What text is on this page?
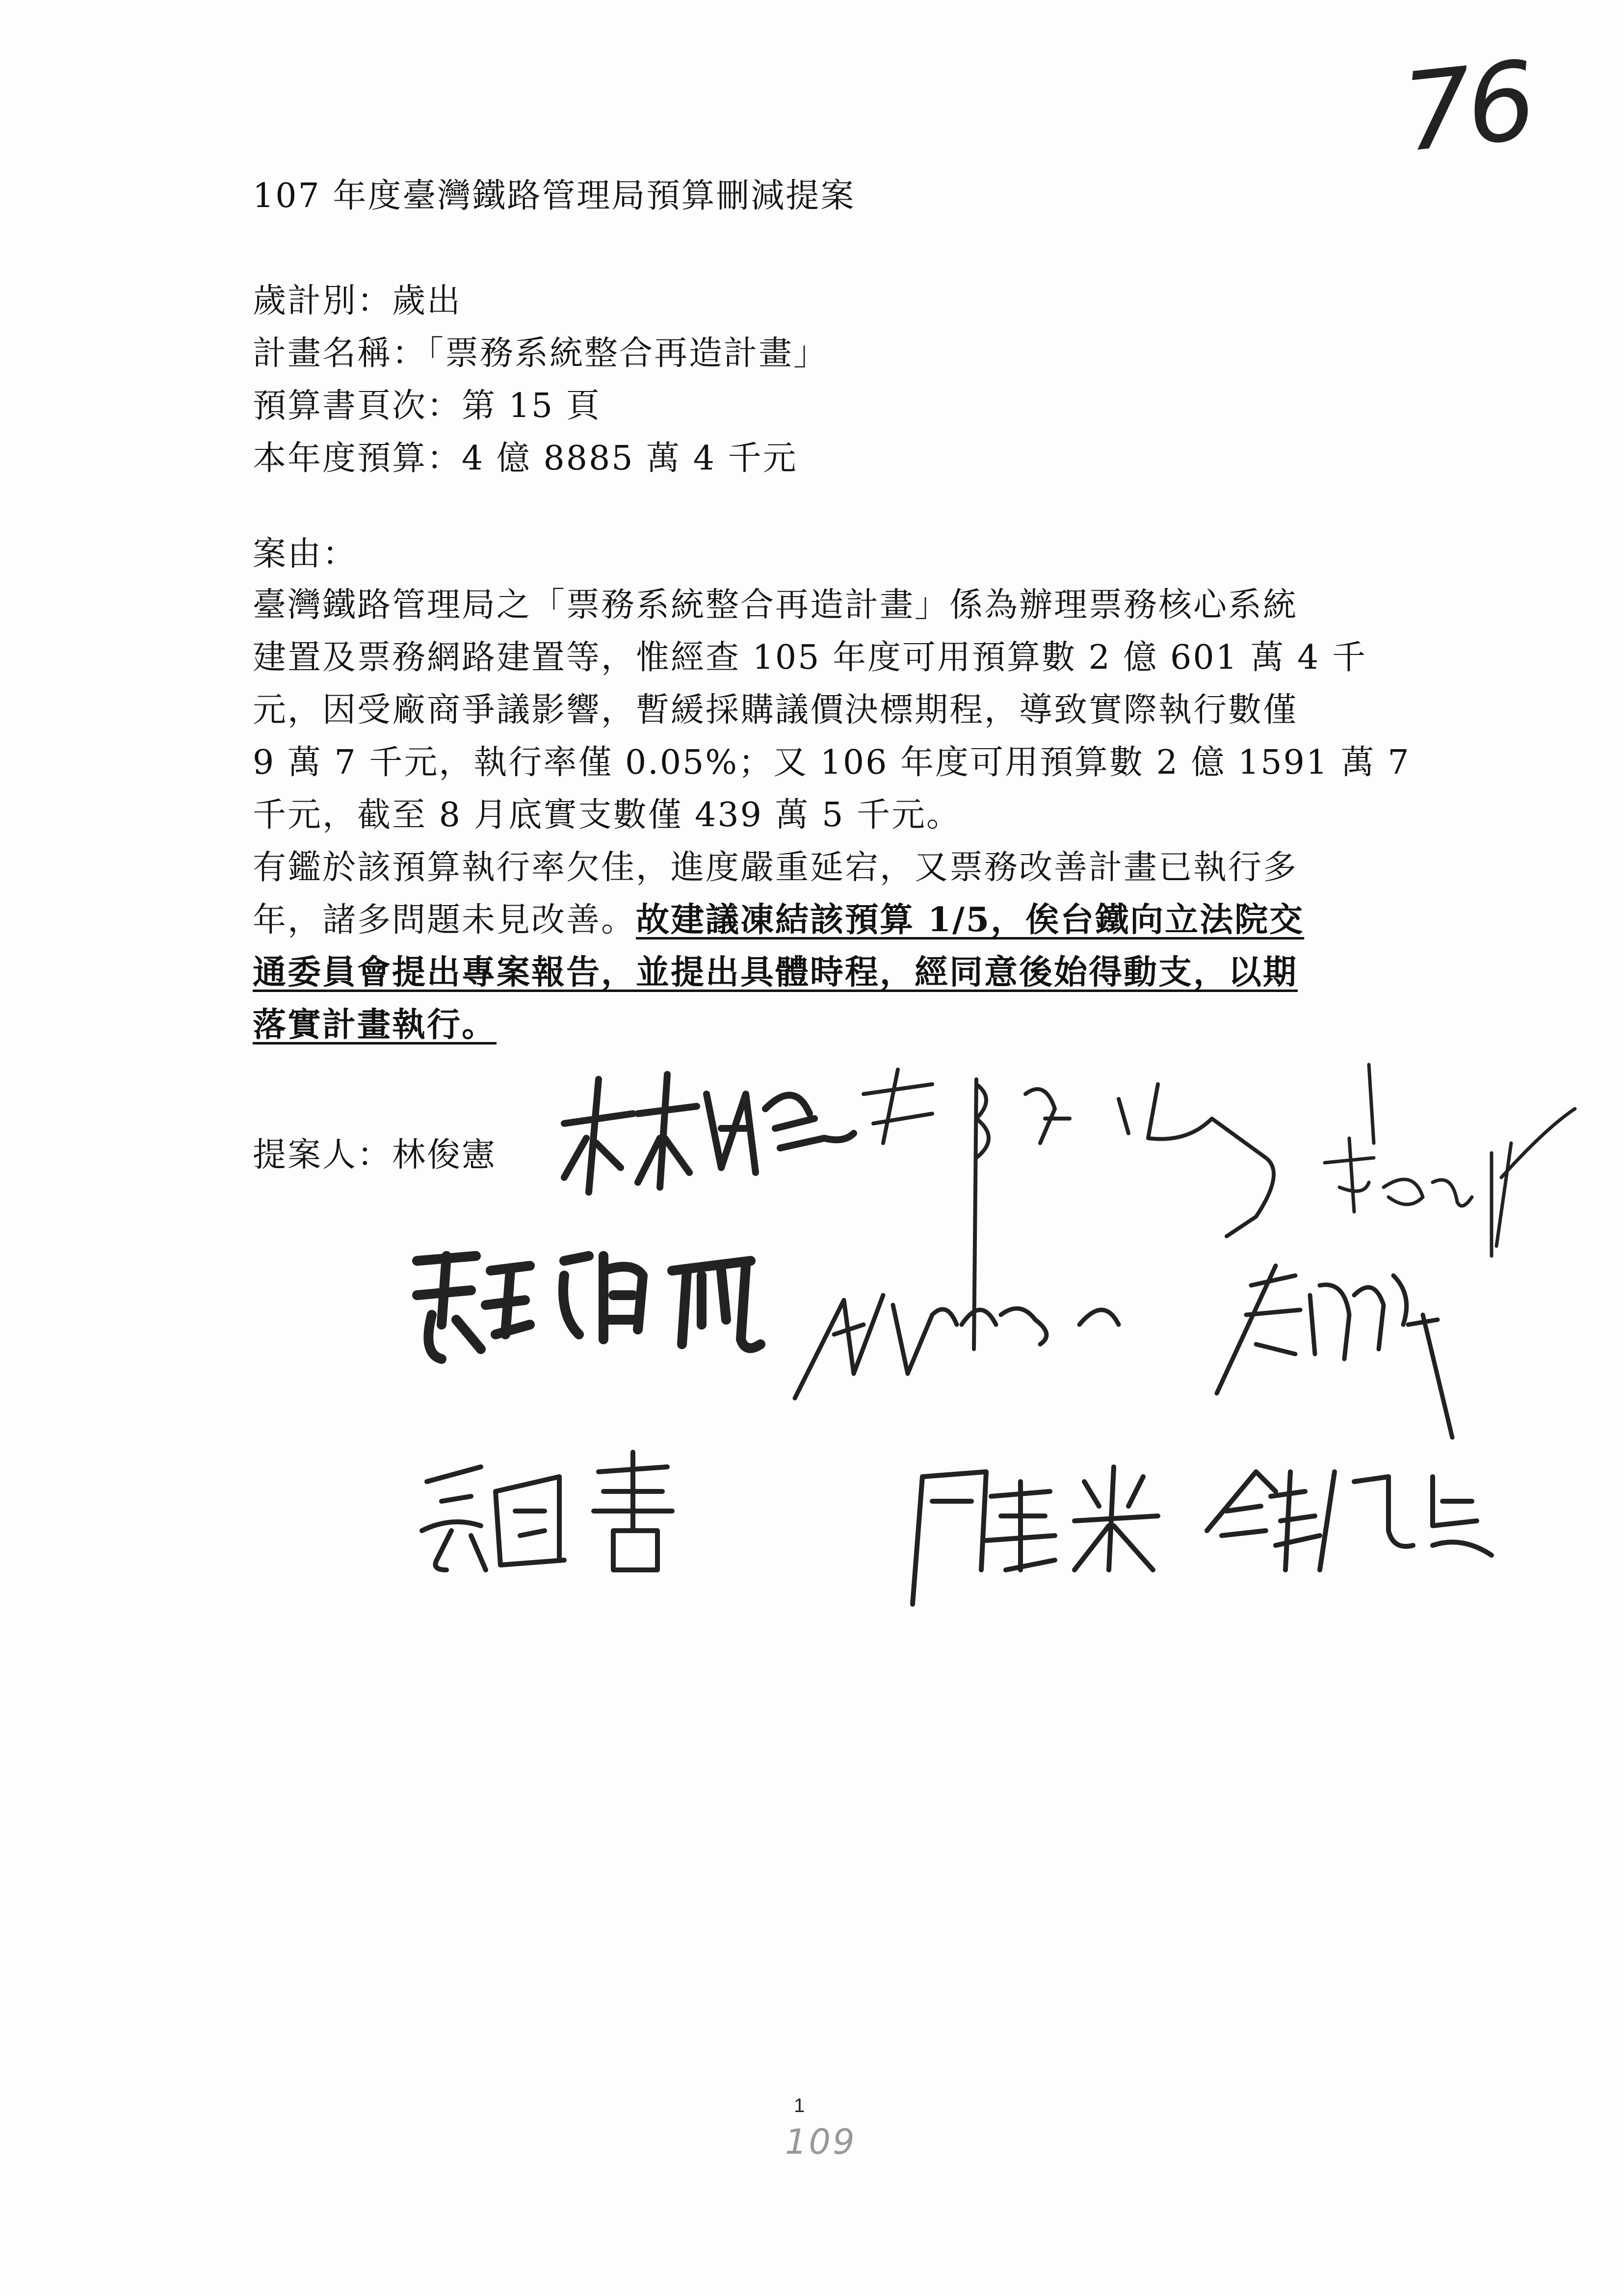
76
107 年度臺灣鐵路管理局預算刪減提案
歲計別：歲出
計畫名稱：「票務系統整合再造計畫」
預算書頁次：第 15 頁
本年度預算：4 億 8885 萬 4 千元
案由：
臺灣鐵路管理局之「票務系統整合再造計畫」係為辦理票務核心系統
建置及票務網路建置等，惟經查 105 年度可用預算數 2 億 601 萬 4 千
元，因受廠商爭議影響，暫緩採購議價決標期程，導致實際執行數僅
9 萬 7 千元，執行率僅 0.05%；又 106 年度可用預算數 2 億 1591 萬 7
千元，截至 8 月底實支數僅 439 萬 5 千元。
有鑑於該預算執行率欠佳，進度嚴重延宕，又票務改善計畫已執行多
年，諸多問題未見改善。故建議凍結該預算 1/5，俟台鐵向立法院交
通委員會提出專案報告，並提出具體時程，經同意後始得動支，以期
落實計畫執行。
提案人：林俊憲
1
109
